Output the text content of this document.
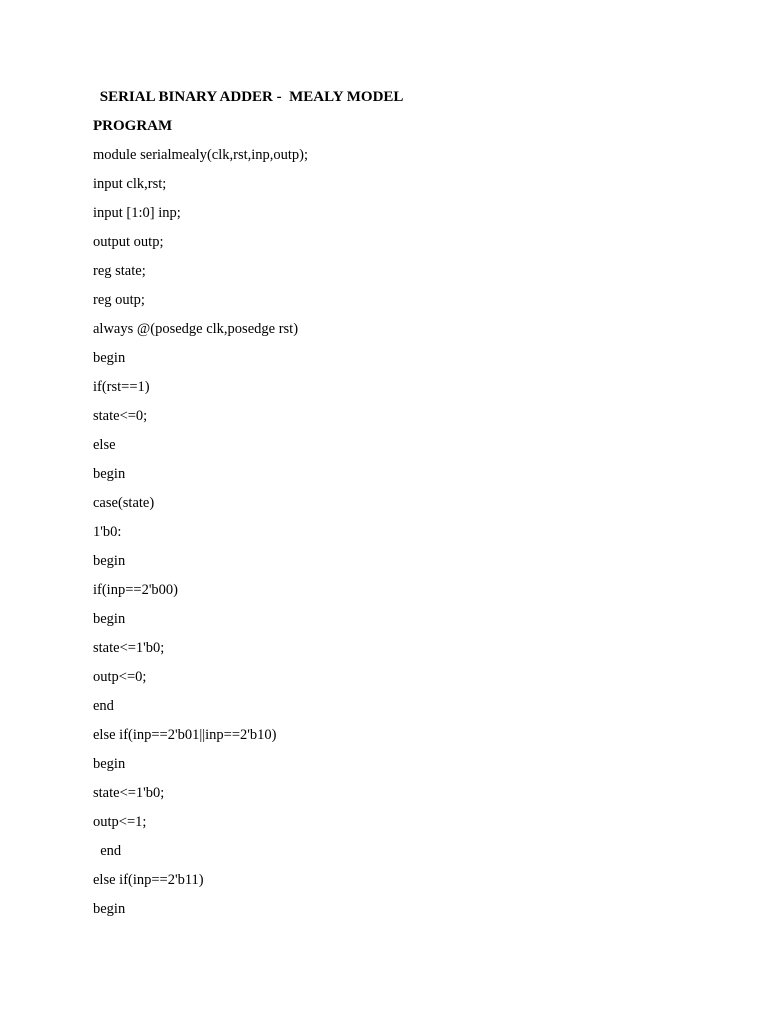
SERIAL BINARY ADDER -  MEALY MODEL
PROGRAM
module serialmealy(clk,rst,inp,outp);
input clk,rst;
input [1:0] inp;
output outp;
reg state;
reg outp;
always @(posedge clk,posedge rst)
begin
if(rst==1)
state<=0;
else
begin
case(state)
1'b0:
begin
if(inp==2'b00)
begin
state<=1'b0;
outp<=0;
end
else if(inp==2'b01||inp==2'b10)
begin
state<=1'b0;
outp<=1;
end
else if(inp==2'b11)
begin
